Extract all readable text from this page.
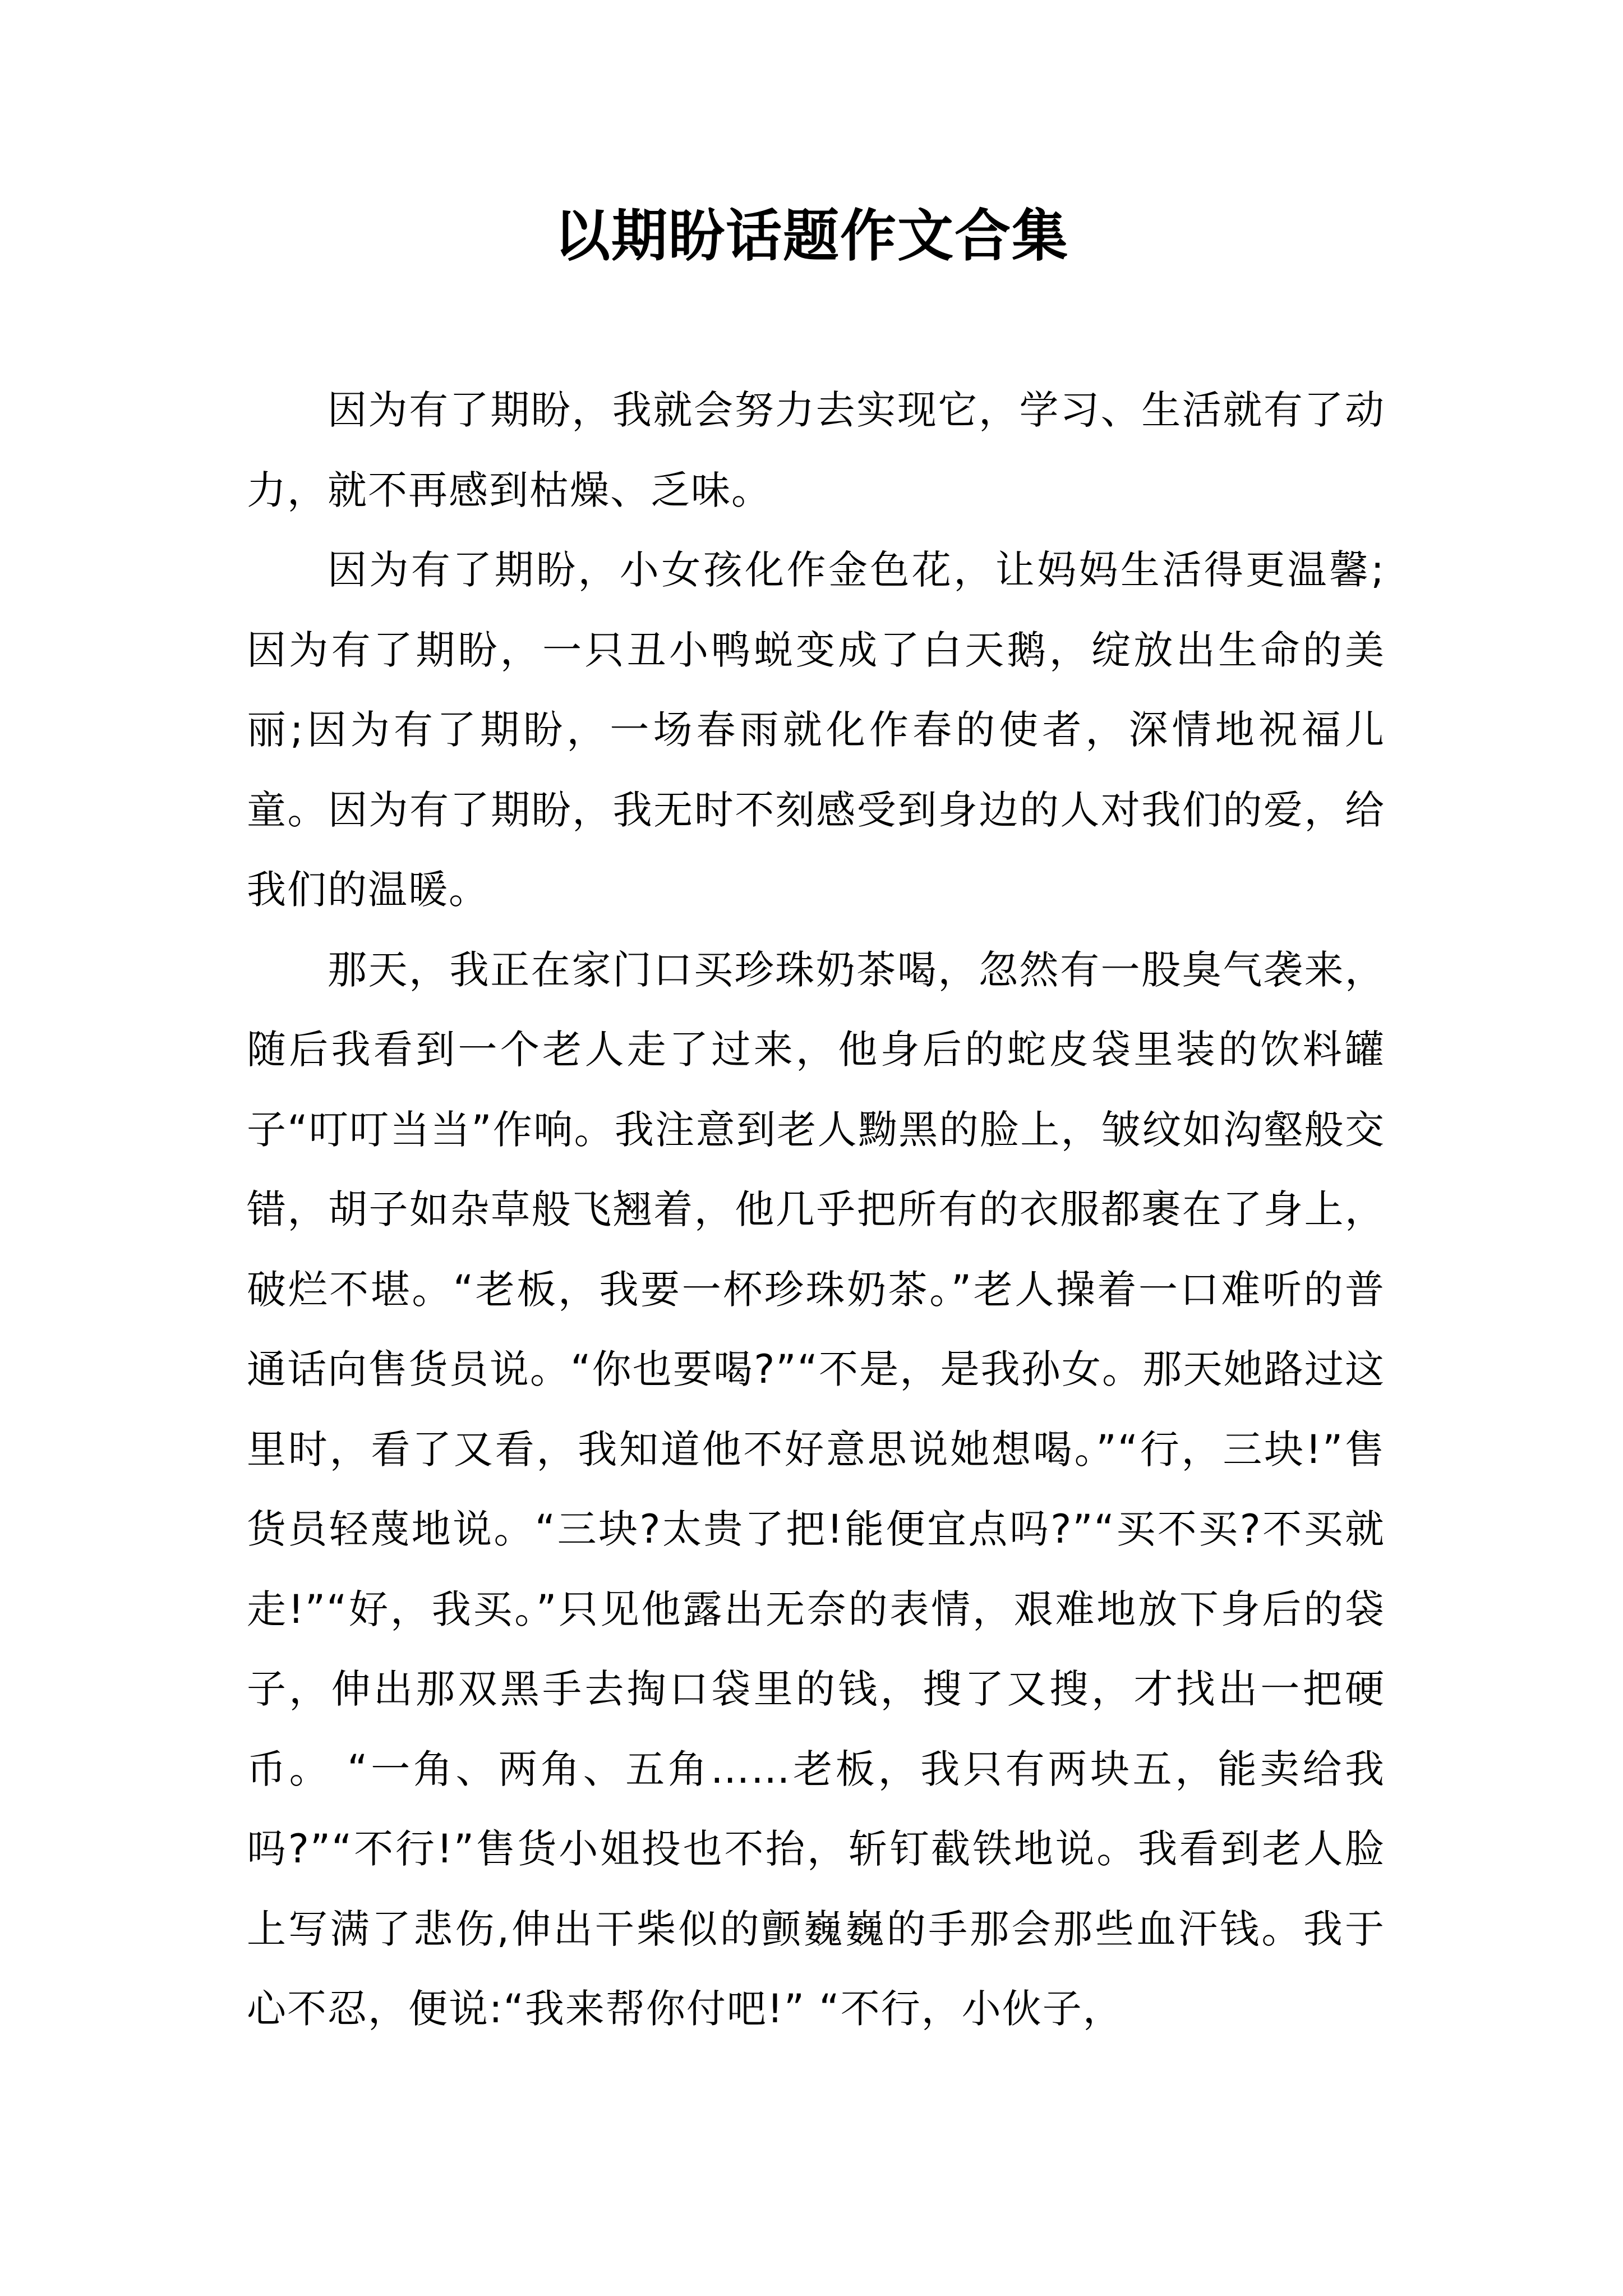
以期盼话题作文合集

因为有了期盼，我就会努力去实现它，学习、生活就有了动力，就不再感到枯燥、乏味。

因为有了期盼，小女孩化作金色花，让妈妈生活得更温馨;因为有了期盼，一只丑小鸭蜕变成了白天鹅，绽放出生命的美丽;因为有了期盼，一场春雨就化作春的使者，深情地祝福儿童。因为有了期盼，我无时不刻感受到身边的人对我们的爱，给我们的温暖。

那天，我正在家门口买珍珠奶茶喝，忽然有一股臭气袭来，随后我看到一个老人走了过来，他身后的蛇皮袋里装的饮料罐子“叮叮当当”作响。我注意到老人黝黑的脸上，皱纹如沟壑般交错，胡子如杂草般飞翘着，他几乎把所有的衣服都裹在了身上，破烂不堪。“老板，我要一杯珍珠奶茶。”老人操着一口难听的普通话向售货员说。“你也要喝?”“不是，是我孙女。那天她路过这里时，看了又看，我知道他不好意思说她想喝。”“行，三块!”售货员轻蔑地说。“三块?太贵了把!能便宜点吗?”“买不买?不买就走!”“好，我买。”只见他露出无奈的表情，艰难地放下身后的袋子，伸出那双黑手去掏口袋里的钱，搜了又搜，才找出一把硬币。 “一角、两角、五角……老板，我只有两块五，能卖给我吗?”“不行!”售货小姐投也不抬，斩钉截铁地说。我看到老人脸上写满了悲伤,伸出干柴似的颤巍巍的手那会那些血汗钱。我于心不忍，便说:“我来帮你付吧!” “不行，小伙子，
